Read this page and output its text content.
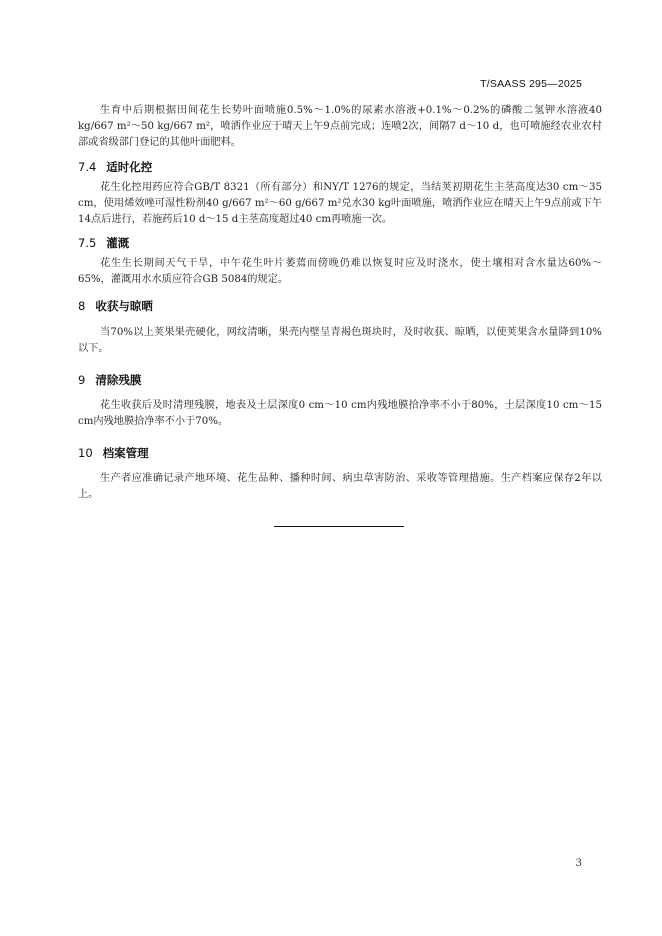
T/SAASS 295—2025

生育中后期根据田间花生长势叶面喷施0.5%～1.0%的尿素水溶液+0.1%～0.2%的磷酸二氢钾水溶液40 kg/667 m²～50 kg/667 m²，喷洒作业应于晴天上午9点前完成；连喷2次，间隔7 d～10 d，也可喷施经农业农村部或省级部门登记的其他叶面肥料。

7.4 适时化控

花生化控用药应符合GB/T 8321（所有部分）和NY/T 1276的规定，当结荚初期花生主茎高度达30 cm～35 cm，使用烯效唑可湿性粉剂40 g/667 m²～60 g/667 m²兑水30 kg叶面喷施，喷洒作业应在晴天上午9点前或下午14点后进行，若施药后10 d～15 d主茎高度超过40 cm再喷施一次。

7.5 灌溉

花生生长期间天气干旱，中午花生叶片萎蔫而傍晚仍难以恢复时应及时浇水，使土壤相对含水量达60%～65%，灌溉用水水质应符合GB 5084的规定。

8 收获与晾晒

当70%以上荚果果壳硬化，网纹清晰，果壳内壁呈青褐色斑块时，及时收获、晾晒，以使荚果含水量降到10%以下。

9 清除残膜

花生收获后及时清理残膜，地表及土层深度0 cm～10 cm内残地膜拾净率不小于80%，土层深度10 cm～15 cm内残地膜拾净率不小于70%。

10 档案管理

生产者应准确记录产地环境、花生品种、播种时间、病虫草害防治、采收等管理措施。生产档案应保存2年以上。

3
